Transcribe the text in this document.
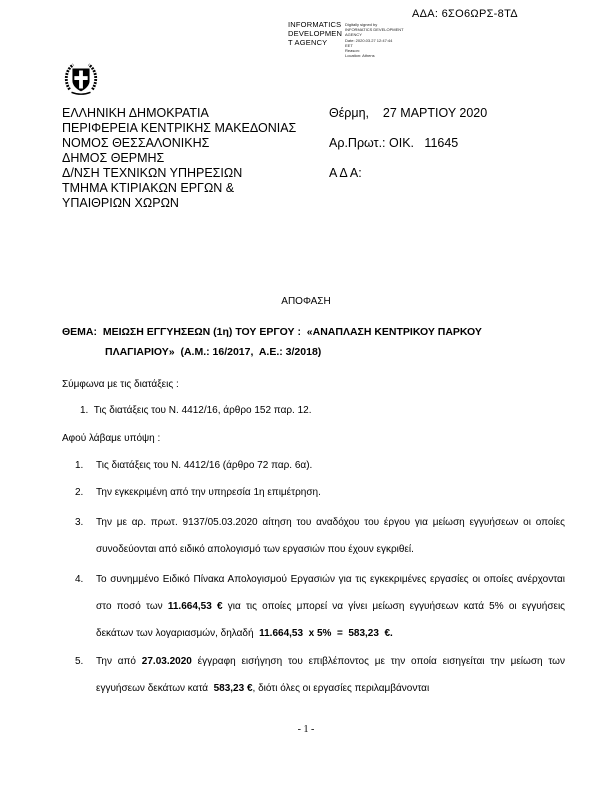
ΑΔΑ: 6ΣΟ6ΩΡΣ-8ΤΔ
INFORMATICS
DEVELOPMEN
T AGENCY
Digitally signed by
INFORMATICS DEVELOPMENT AGENCY
Date: 2020.03.27 12:47:44
EET
Reason:
Location: Athens
ΕΛΛΗΝΙΚΗ ΔΗΜΟΚΡΑΤΙΑ
ΠΕΡΙΦΕΡΕΙΑ ΚΕΝΤΡΙΚΗΣ ΜΑΚΕΔΟΝΙΑΣ
ΝΟΜΟΣ ΘΕΣΣΑΛΟΝΙΚΗΣ
ΔΗΜΟΣ ΘΕΡΜΗΣ
Δ/ΝΣΗ ΤΕΧΝΙΚΩΝ ΥΠΗΡΕΣΙΩΝ
ΤΜΗΜΑ ΚΤΙΡΙΑΚΩΝ ΕΡΓΩΝ &
ΥΠΑΙΘΡΙΩΝ ΧΩΡΩΝ
Θέρμη,    27 ΜΑΡΤΙΟΥ 2020
Αρ.Πρωτ.: ΟΙΚ.   11645
Α Δ Α:
ΑΠΟΦΑΣΗ
ΘΕΜΑ:  ΜΕΙΩΣΗ ΕΓΓΥΗΣΕΩΝ (1η) ΤΟΥ ΕΡΓΟΥ :  «ΑΝΑΠΛΑΣΗ ΚΕΝΤΡΙΚΟΥ ΠΑΡΚΟΥ
ΠΛΑΓΙΑΡΙΟΥ»  (Α.Μ.: 16/2017,  Α.Ε.: 3/2018)
Σύμφωνα με τις διατάξεις :
1.  Τις διατάξεις του Ν. 4412/16, άρθρο 152 παρ. 12.
Αφού λάβαμε υπόψη :
1.	Τις διατάξεις του Ν. 4412/16 (άρθρο 72 παρ. 6α).
2.	Την εγκεκριμένη από την υπηρεσία 1η επιμέτρηση.
3.	Την με αρ. πρωτ. 9137/05.03.2020 αίτηση του αναδόχου του έργου για μείωση εγγυήσεων οι οποίες συνοδεύονται από ειδικό απολογισμό των εργασιών που έχουν εγκριθεί.
4.	Το συνημμένο Ειδικό Πίνακα Απολογισμού Εργασιών για τις εγκεκριμένες εργασίες οι οποίες ανέρχονται στο ποσό των 11.664,53 € για τις οποίες μπορεί να γίνει μείωση εγγυήσεων κατά 5% οι εγγυήσεις δεκάτων των λογαριασμών, δηλαδή  11.664,53  x 5%  =  583,23  €.
5.	Την από 27.03.2020 έγγραφη εισήγηση του επιβλέποντος με την οποία εισηγείται την μείωση των εγγυήσεων δεκάτων κατά  583,23 €, διότι όλες οι εργασίες περιλαμβάνονται
- 1 -
